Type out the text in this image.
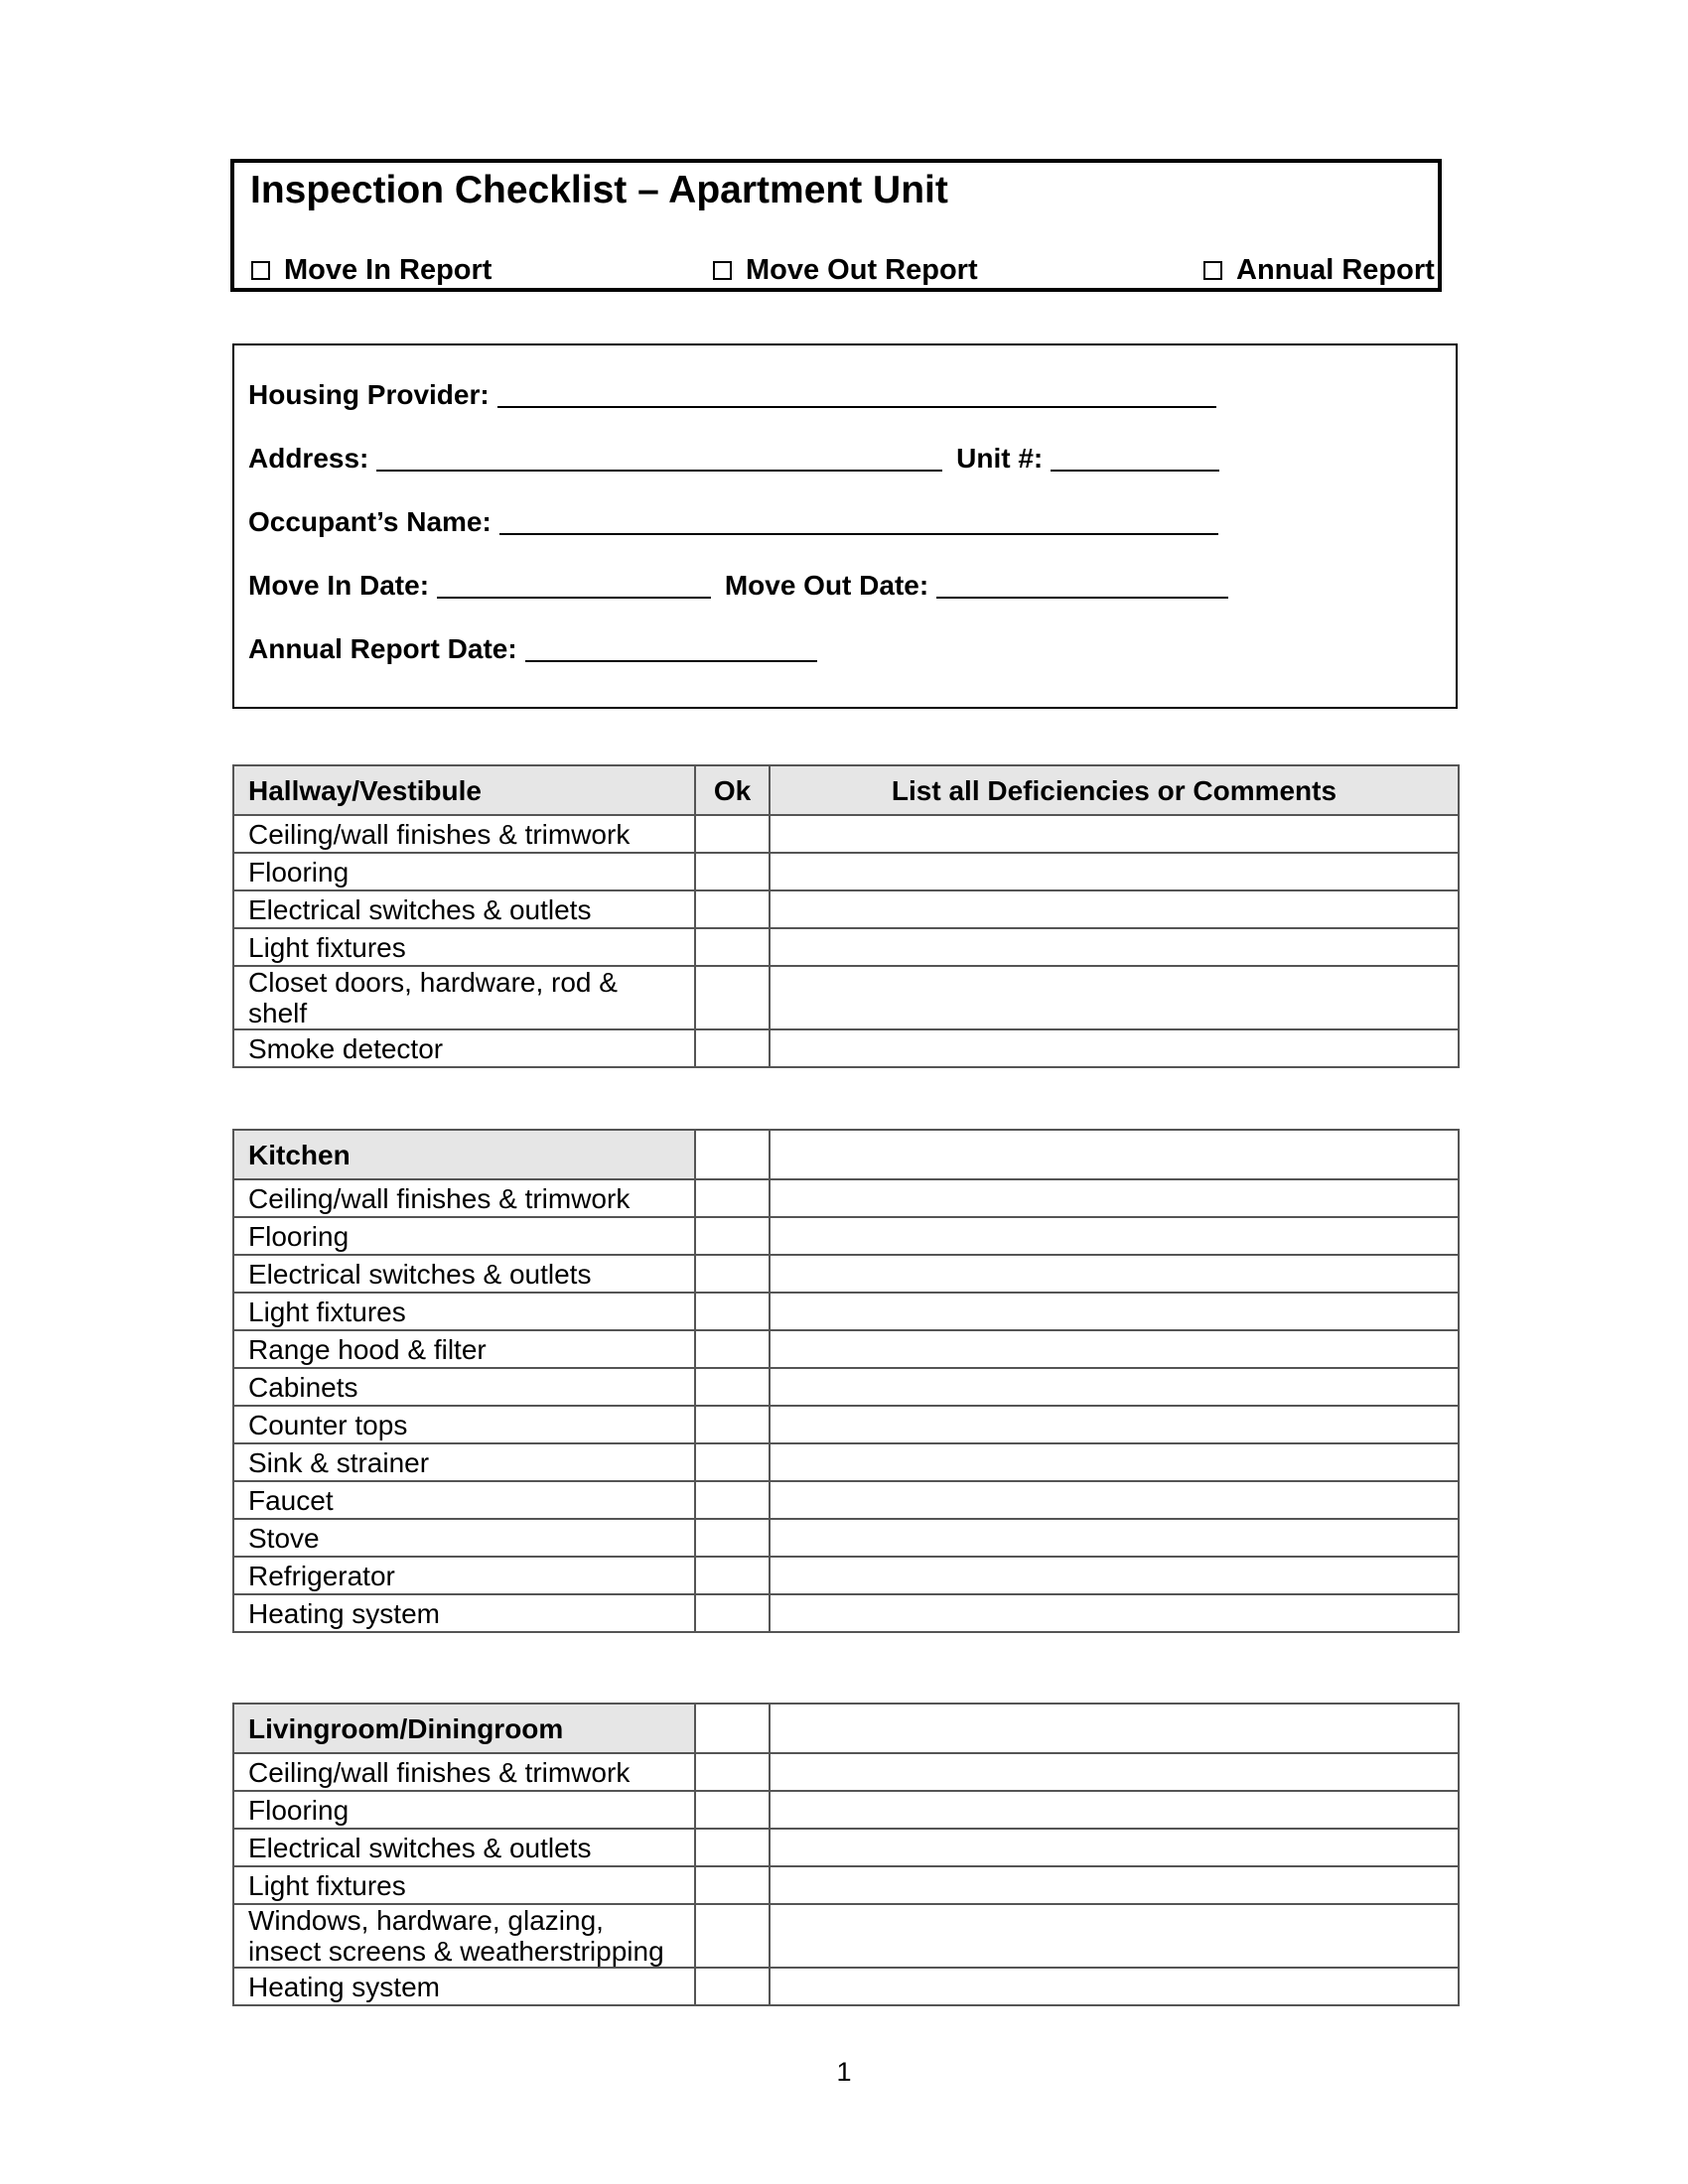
Inspection Checklist – Apartment Unit
Move In Report	Move Out Report	Annual Report
Housing Provider:
Address:	Unit #:
Occupant’s Name:
Move In Date:	Move Out Date:
Annual Report Date:
Hallway/Vestibule	Ok	List all Deficiencies or Comments
Ceiling/wall finishes & trimwork		
Flooring		
Electrical switches & outlets		
Light fixtures		
Closet doors, hardware, rod & shelf		
Smoke detector		
Kitchen		
Ceiling/wall finishes & trimwork		
Flooring		
Electrical switches & outlets		
Light fixtures		
Range hood & filter		
Cabinets		
Counter tops		
Sink & strainer		
Faucet		
Stove		
Refrigerator		
Heating system		
Livingroom/Diningroom		
Ceiling/wall finishes & trimwork		
Flooring		
Electrical switches & outlets		
Light fixtures		
Windows, hardware, glazing, insect screens & weatherstripping		
Heating system		
1
